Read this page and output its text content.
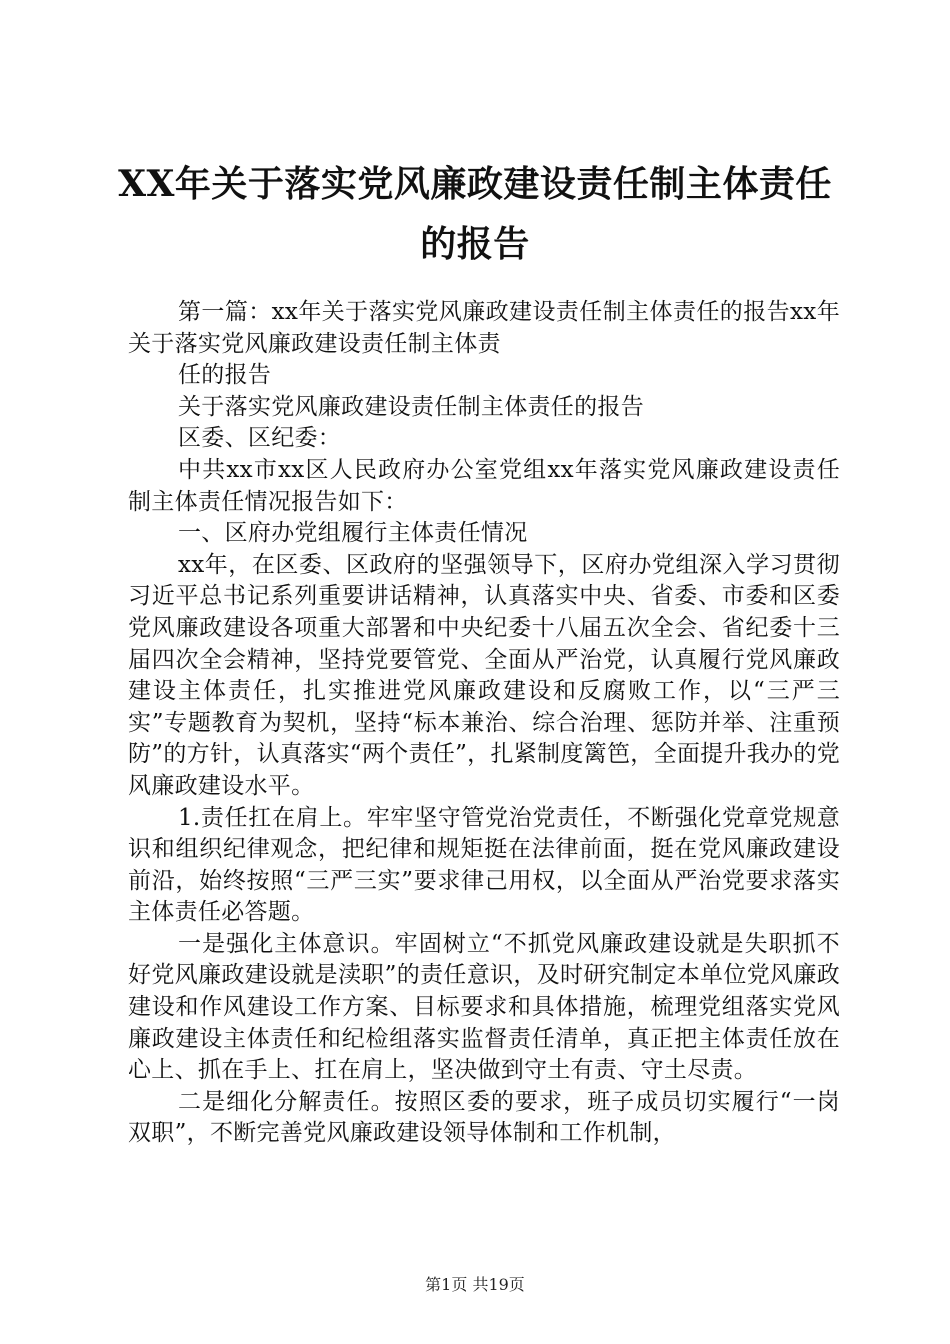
XX年关于落实党风廉政建设责任制主体责任
的报告

第一篇：xx年关于落实党风廉政建设责任制主体责任的报告xx年关于落实党风廉政建设责任制主体责

任的报告

关于落实党风廉政建设责任制主体责任的报告

区委、区纪委：

中共xx市xx区人民政府办公室党组xx年落实党风廉政建设责任制主体责任情况报告如下：

一、区府办党组履行主体责任情况

xx年，在区委、区政府的坚强领导下，区府办党组深入学习贯彻习近平总书记系列重要讲话精神，认真落实中央、省委、市委和区委党风廉政建设各项重大部署和中央纪委十八届五次全会、省纪委十三届四次全会精神，坚持党要管党、全面从严治党，认真履行党风廉政建设主体责任，扎实推进党风廉政建设和反腐败工作，以“三严三实”专题教育为契机，坚持“标本兼治、综合治理、惩防并举、注重预防”的方针，认真落实“两个责任”，扎紧制度篱笆，全面提升我办的党风廉政建设水平。

1.责任扛在肩上。牢牢坚守管党治党责任，不断强化党章党规意识和组织纪律观念，把纪律和规矩挺在法律前面，挺在党风廉政建设前沿，始终按照“三严三实”要求律己用权，以全面从严治党要求落实主体责任必答题。

一是强化主体意识。牢固树立“不抓党风廉政建设就是失职抓不好党风廉政建设就是渎职”的责任意识，及时研究制定本单位党风廉政建设和作风建设工作方案、目标要求和具体措施，梳理党组落实党风廉政建设主体责任和纪检组落实监督责任清单，真正把主体责任放在心上、抓在手上、扛在肩上，坚决做到守土有责、守土尽责。

二是细化分解责任。按照区委的要求，班子成员切实履行“一岗双职”，不断完善党风廉政建设领导体制和工作机制，

第1页 共19页
